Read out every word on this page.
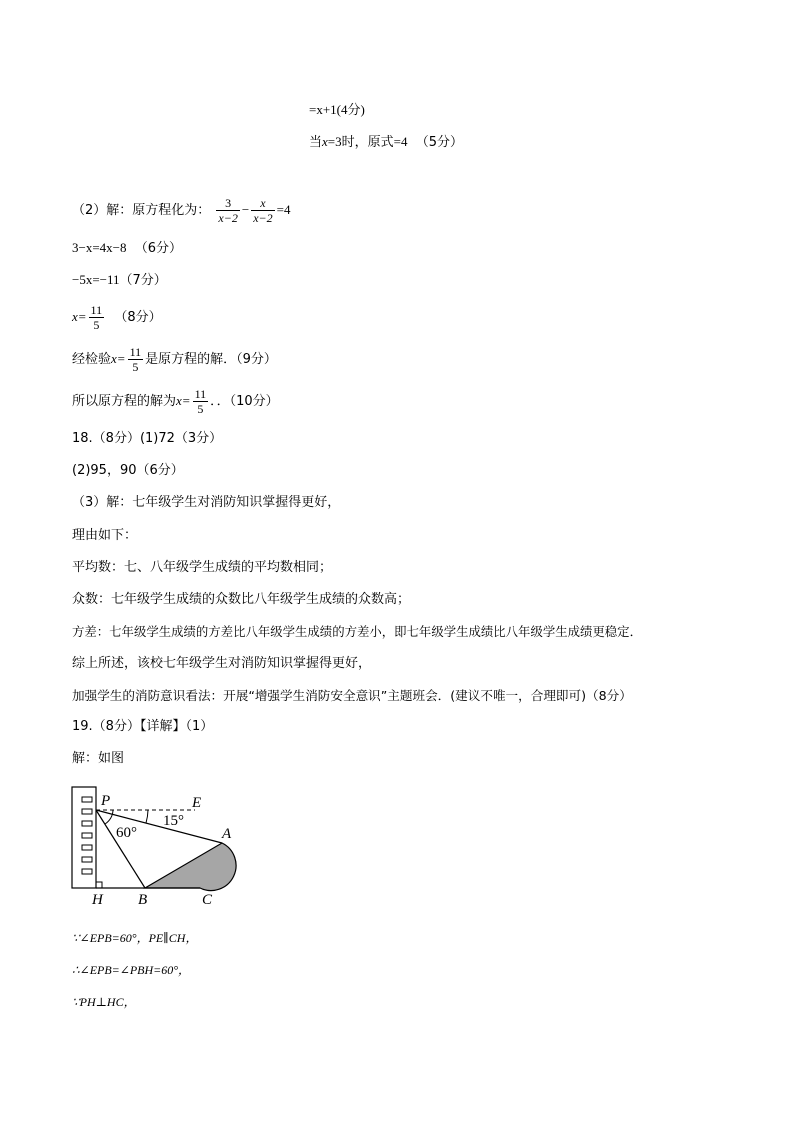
=x+1(4分)
当x=3时，原式=4 （5分）
（2）解：原方程化为： $\frac{3}{x-2} - \frac{x}{x-2} =4$
3−x=4x−8 （6分）
−5x=−11（7分）
$x= \frac{11}{5} (8$分）
经检验$x= \frac{11}{5}$ 是原方程的解．（9分）
所以原方程的解为$x= \frac{11}{5}$ ．．（10分）
18.（8分）(1)72（3分）
(2)95，90（6分）
（3）解：七年级学生对消防知识掌握得更好，
理由如下：
平均数：七、八年级学生成绩的平均数相同；
众数：七年级学生成绩的众数比八年级学生成绩的众数高；
方差：七年级学生成绩的方差比八年级学生成绩的方差小，即七年级学生成绩比八年级学生成绩更稳定．
综上所述，该校七年级学生对消防知识掌握得更好，
加强学生的消防意识看法：开展“增强学生消防安全意识”主题班会．(建议不唯一，合理即可)（8分）
19.（8分）【详解】（1）
解：如图
P	E
A
H B	C
15°
60°
∵∠EPB=60°，PE∥CH，
∴∠EPB=∠PBH=60°，
∵PH⊥HC，
